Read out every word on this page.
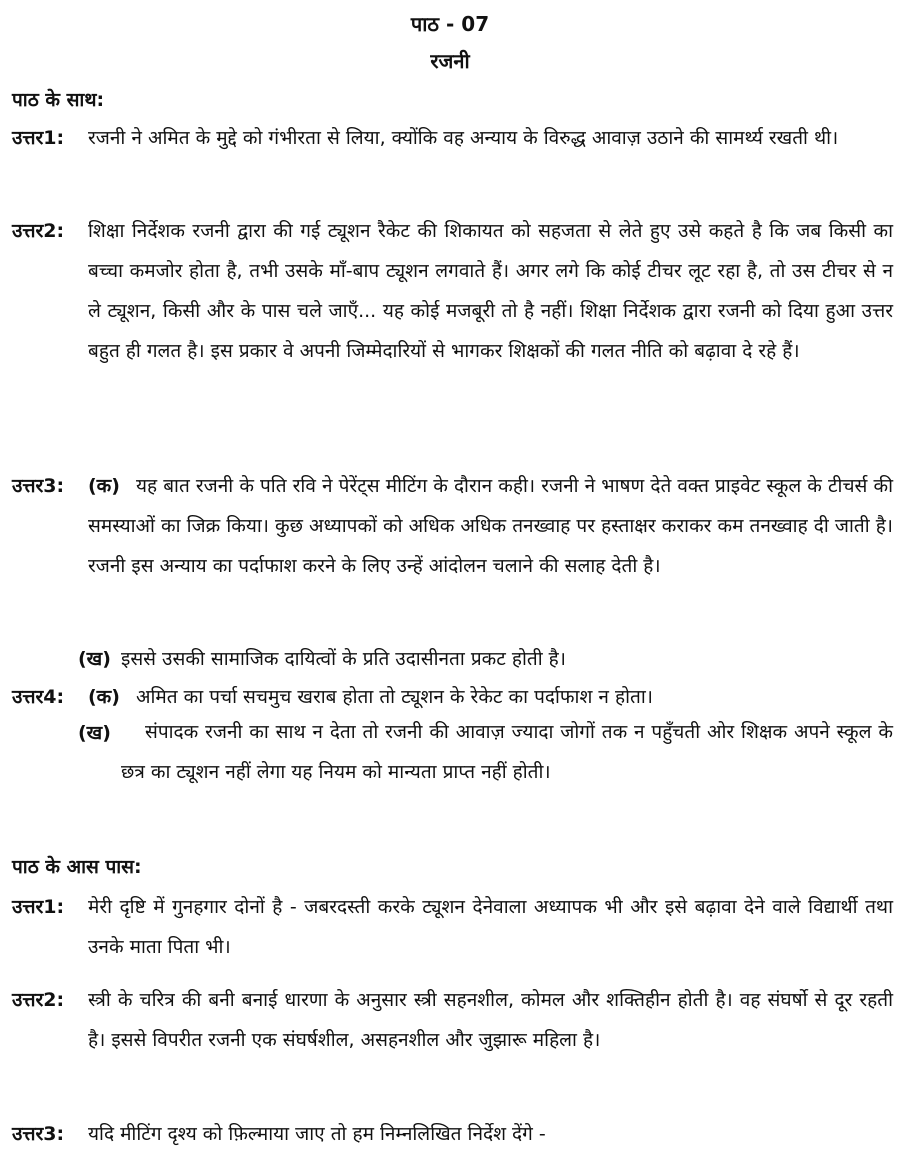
पाठ - 07
रजनी
पाठ के साथ:
उत्तर1: रजनी ने अमित के मुद्दे को गंभीरता से लिया, क्योंकि वह अन्याय के विरुद्ध आवाज़ उठाने की सामर्थ्य रखती थी।
उत्तर2: शिक्षा निर्देशक रजनी द्वारा की गई ट्यूशन रैकेट की शिकायत को सहजता से लेते हुए उसे कहते है कि जब किसी का बच्चा कमजोर होता है, तभी उसके माँ-बाप ट्यूशन लगवाते हैं। अगर लगे कि कोई टीचर लूट रहा है, तो उस टीचर से न ले ट्यूशन, किसी और के पास चले जाएँ... यह कोई मजबूरी तो है नहीं। शिक्षा निर्देशक द्वारा रजनी को दिया हुआ उत्तर बहुत ही गलत है। इस प्रकार वे अपनी जिम्मेदारियों से भागकर शिक्षकों की गलत नीति को बढ़ावा दे रहे हैं।
उत्तर3: (क) यह बात रजनी के पति रवि ने पेरेंट्स मीटिंग के दौरान कही। रजनी ने भाषण देते वक्त प्राइवेट स्कूल के टीचर्स की समस्याओं का जिक्र किया। कुछ अध्यापकों को अधिक अधिक तनख्वाह पर हस्ताक्षर कराकर कम तनख्वाह दी जाती है। रजनी इस अन्याय का पर्दाफाश करने के लिए उन्हें आंदोलन चलाने की सलाह देती है।
(ख) इससे उसकी सामाजिक दायित्वों के प्रति उदासीनता प्रकट होती है।
उत्तर4: (क) अमित का पर्चा सचमुच खराब होता तो ट्यूशन के रेकेट का पर्दाफाश न होता।
(ख)	संपादक रजनी का साथ न देता तो रजनी की आवाज़ ज्यादा जोगों तक न पहुँचती ओर शिक्षक अपने स्कूल के छत्र का ट्यूशन नहीं लेगा यह नियम को मान्यता प्राप्त नहीं होती।
पाठ के आस पास:
उत्तर1: मेरी दृष्टि में गुनहगार दोनों है - जबरदस्ती करके ट्यूशन देनेवाला अध्यापक भी और इसे बढ़ावा देने वाले विद्यार्थी तथा उनके माता पिता भी।
उत्तर2: स्त्री के चरित्र की बनी बनाई धारणा के अनुसार स्त्री सहनशील, कोमल और शक्तिहीन होती है। वह संघर्षो से दूर रहती है। इससे विपरीत रजनी एक संघर्षशील, असहनशील और जुझारू महिला है।
उत्तर3: यदि मीटिंग दृश्य को फ़िल्माया जाए तो हम निम्नलिखित निर्देश देंगे -
